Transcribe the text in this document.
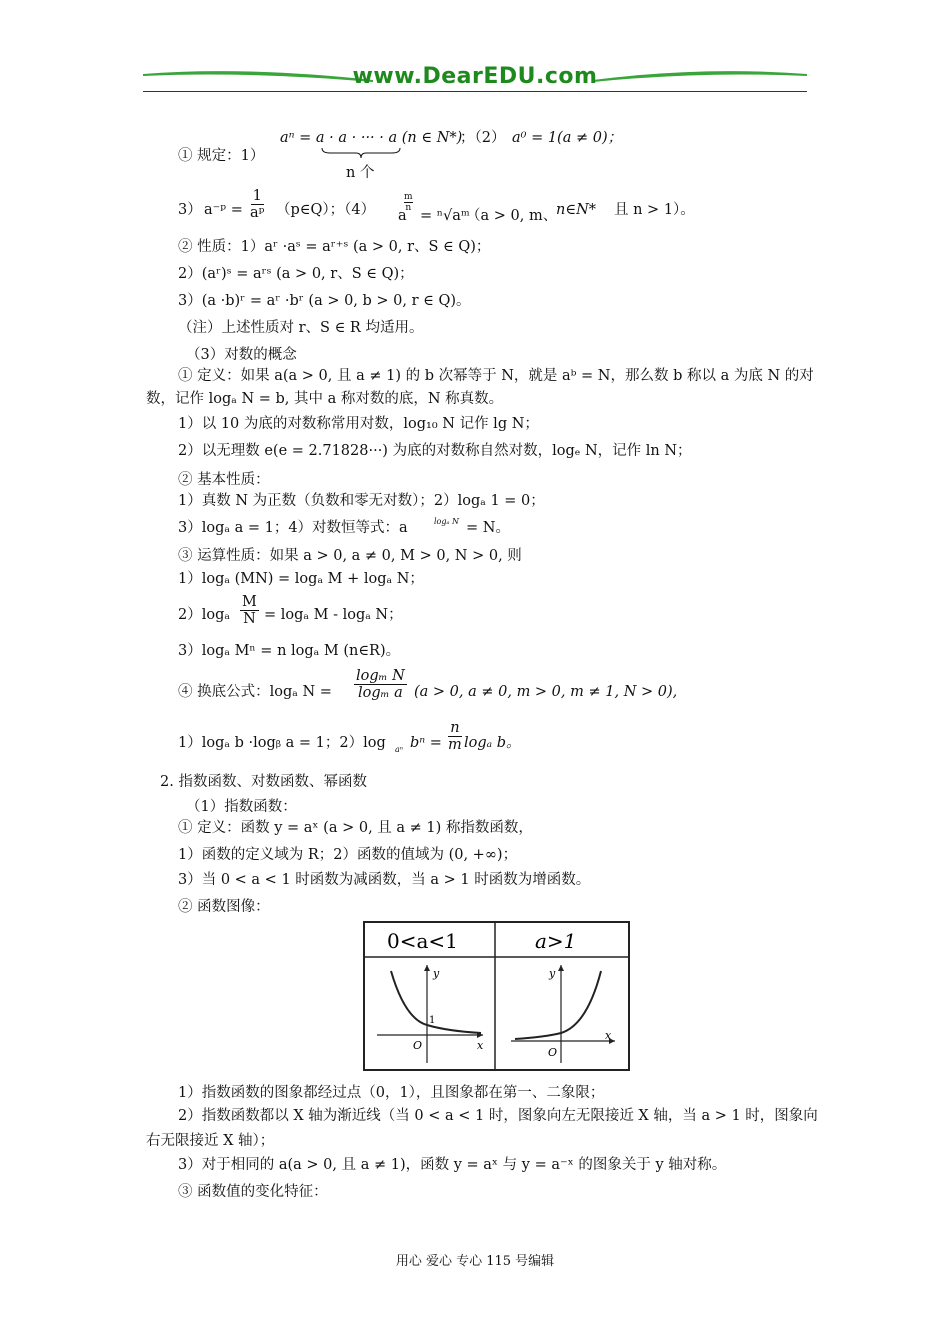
www.DearEDU.com
① 规定：1）
aⁿ = a · a · ··· · a (n ∈ N*)
n 个
；（2） a⁰ = 1(a ≠ 0)；
3） a⁻ᵖ = $\frac{1}{\text{aᵖ}}$ （p∈Q）；（4） a
m
n = ⁿ√aᵐ
（a > 0, m、
n∈N* 且 n > 1）。
② 性质：1）aʳ ·aˢ = aʳ⁺ˢ (a > 0, r、S ∈ Q)；
2）(aʳ)ˢ = aʳˢ (a > 0, r、S ∈ Q)；
3）(a ·b)ʳ = aʳ ·bʳ (a > 0, b > 0, r ∈ Q)。
（注）上述性质对 r、S ∈ R 均适用。
（3）对数的概念
① 定义：如果 a(a > 0, 且 a ≠ 1) 的 b 次幂等于 N，就是 aᵇ = N，那么数 b 称以 a 为底 N 的对
数，记作 logₐ N = b, 其中 a 称对数的底，N 称真数。
1）以 10 为底的对数称常用对数，log₁₀ N 记作 lg N；
2）以无理数 e(e = 2.71828···) 为底的对数称自然对数，logₑ N，记作 ln N；
② 基本性质：
1）真数 N 为正数（负数和零无对数）；2）logₐ 1 = 0；
3）logₐ a = 1；4）对数恒等式：a	logₐ N = N。
③ 运算性质：如果 a > 0, a ≠ 0, M > 0, N > 0, 则
1）logₐ (MN) = logₐ M + logₐ N；
$2)\log_a \frac{M}{N} = \log_a$ M - logₐ N；
3）logₐ Mⁿ = n logₐ M (n∈R)。
④ 换底公式：logₐ $N = \frac{\text{logₘ N}}{\text{logₘ a}} (a > 0$, a ≠ 0, m > 0, m ≠ 1, N > 0),
1）logₐ b ·logᵦ a = 1；2）log aⁿ $b^n = \frac{n}{m}$ logₐ b。
2. 指数函数、对数函数、幂函数
（1）指数函数：
① 定义：函数 y = aˣ (a > 0, 且 a ≠ 1) 称指数函数，
1）函数的定义域为 R；2）函数的值域为 (0, +∞)；
3）当 0 < a < 1 时函数为减函数，当 a > 1 时函数为增函数。
② 函数图像：
0<a<1	a>1
y
x
O
1
y
x
O
1）指数函数的图象都经过点（0，1），且图象都在第一、二象限；
2）指数函数都以 X 轴为渐近线（当 0 < a < 1 时，图象向左无限接近 X 轴，当 a > 1 时，图象向
右无限接近 X 轴）；
3）对于相同的 a(a > 0, 且 a ≠ 1)，函数 y = aˣ 与 y = a⁻ˣ 的图象关于 y 轴对称。
③ 函数值的变化特征：
用心 爱心 专心 115 号编辑
